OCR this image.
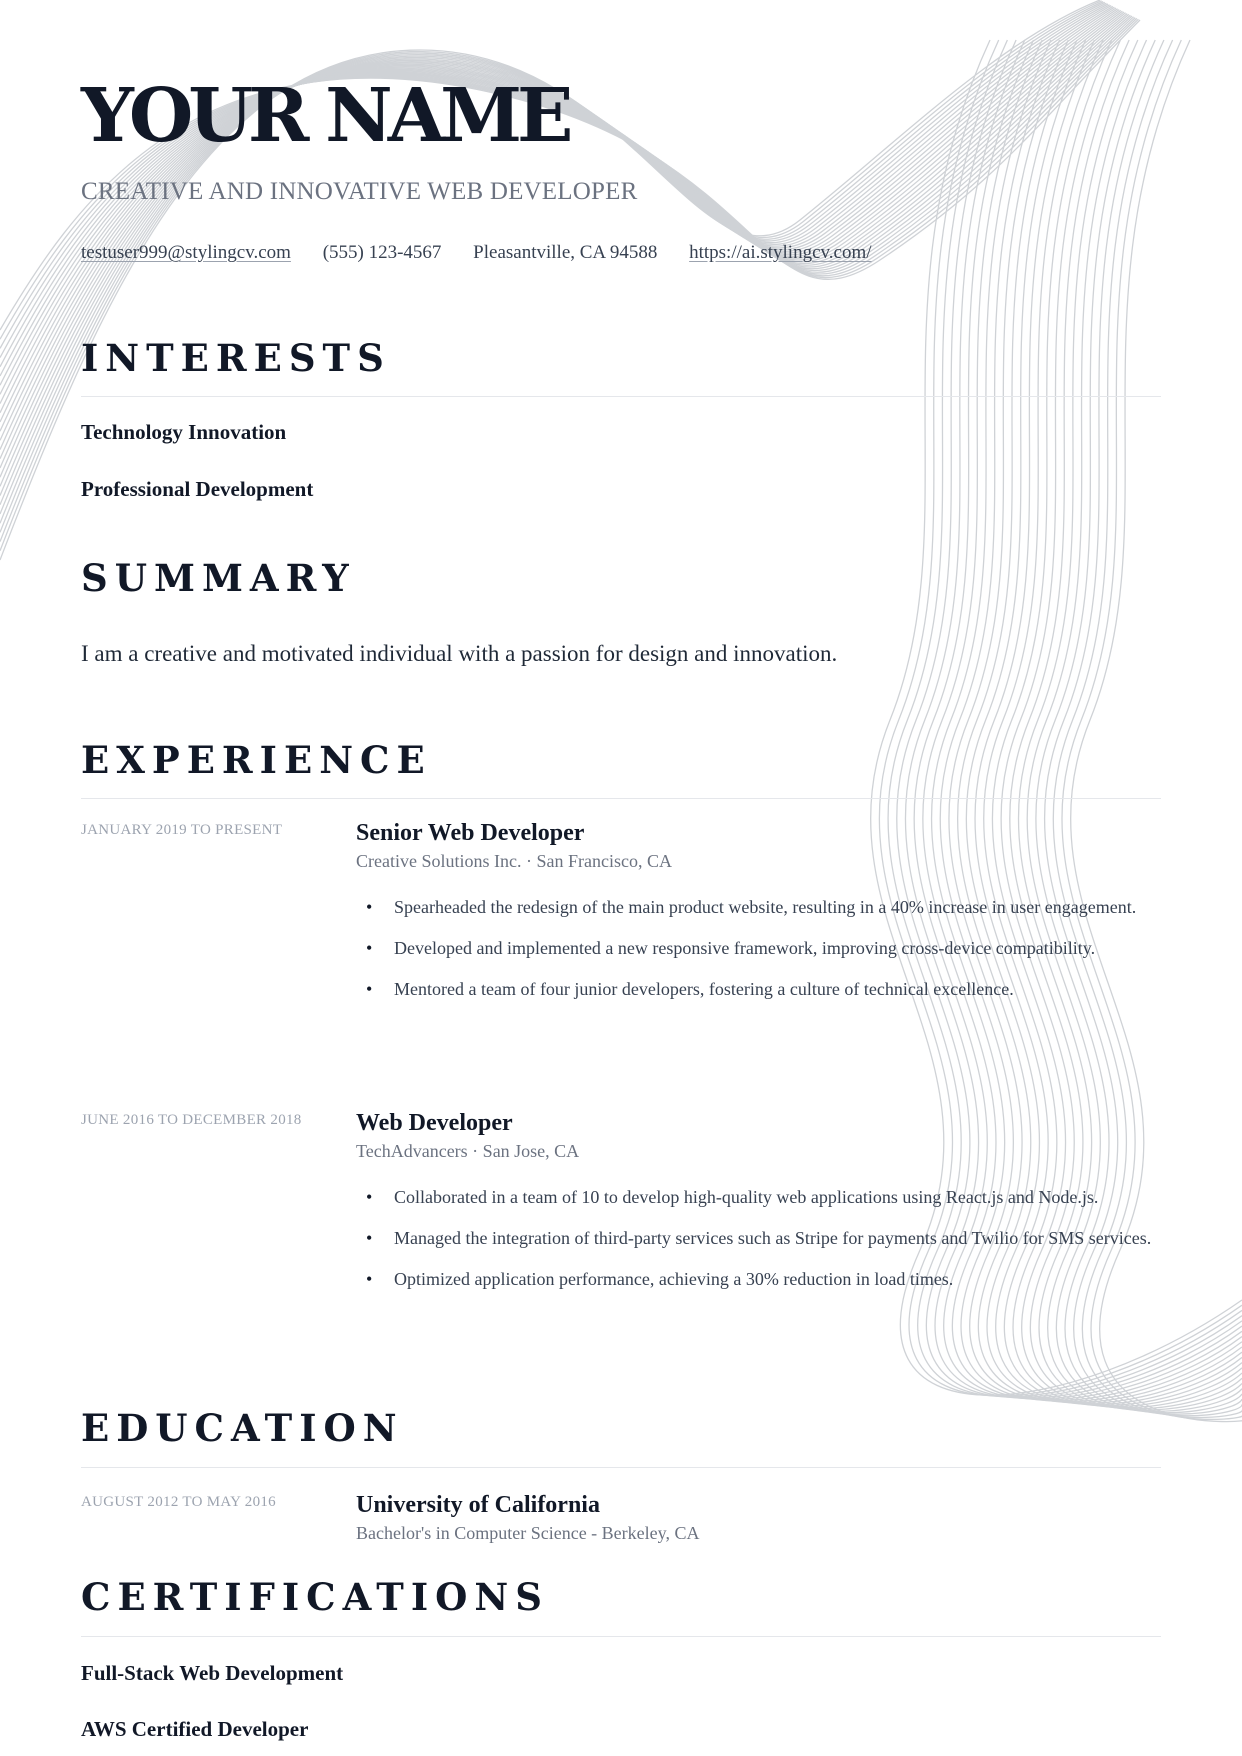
YOUR NAME
CREATIVE AND INNOVATIVE WEB DEVELOPER
testuser999@stylingcv.com (555) 123-4567 Pleasantville, CA 94588 https://ai.stylingcv.com/
INTERESTS
Technology Innovation
Professional Development
SUMMARY
I am a creative and motivated individual with a passion for design and innovation.
EXPERIENCE
JANUARY 2019 TO PRESENT	Senior Web Developer
Creative Solutions Inc. · San Francisco, CA
• Spearheaded the redesign of the main product website, resulting in a 40% increase in user engagement.
• Developed and implemented a new responsive framework, improving cross-device compatibility.
• Mentored a team of four junior developers, fostering a culture of technical excellence.
JUNE 2016 TO DECEMBER 2018 Web Developer
TechAdvancers · San Jose, CA
• Collaborated in a team of 10 to develop high-quality web applications using React.js and Node.js.
• Managed the integration of third-party services such as Stripe for payments and Twilio for SMS services.
• Optimized application performance, achieving a 30% reduction in load times.
EDUCATION
AUGUST 2012 TO MAY 2016	University of California
Bachelor's in Computer Science - Berkeley, CA
CERTIFICATIONS
Full-Stack Web Development
AWS Certified Developer
